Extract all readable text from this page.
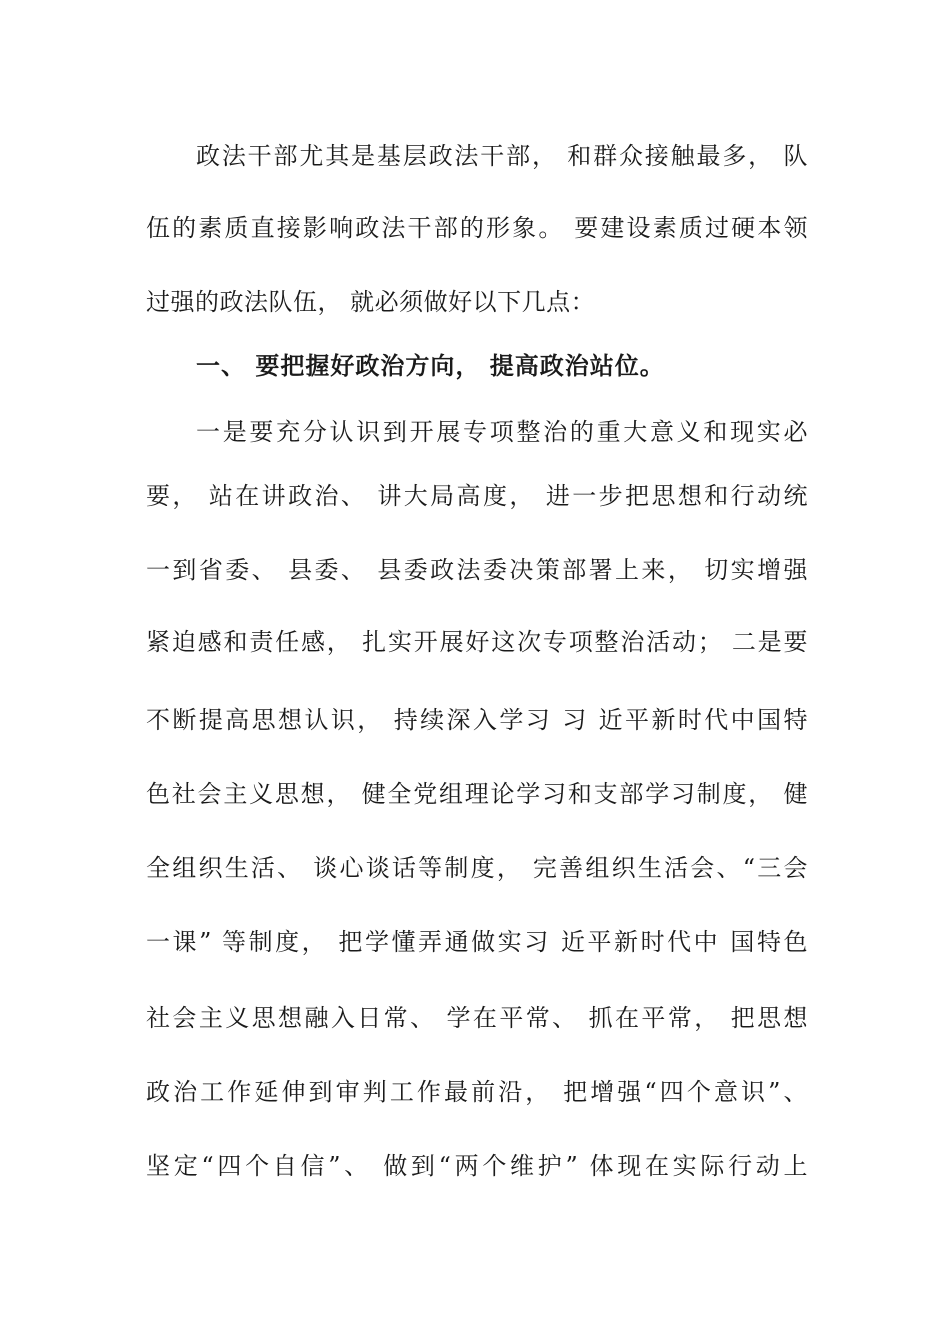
政法干部尤其是基层政法干部， 和群众接触最多， 队
伍的素质直接影响政法干部的形象。 要建设素质过硬本领
过强的政法队伍， 就必须做好以下几点：
一、 要把握好政治方向， 提高政治站位。
一是要充分认识到开展专项整治的重大意义和现实必
要， 站在讲政治、 讲大局高度， 进一步把思想和行动统
一到省委、 县委、 县委政法委决策部署上来， 切实增强
紧迫感和责任感， 扎实开展好这次专项整治活动； 二是要
不断提高思想认识， 持续深入学习 习 近平新时代中国特
色社会主义思想， 健全党组理论学习和支部学习制度， 健
全组织生活、 谈心谈话等制度， 完善组织生活会、“三会
一课” 等制度， 把学懂弄通做实习 近平新时代中 国特色
社会主义思想融入日常、 学在平常、 抓在平常， 把思想
政治工作延伸到审判工作最前沿， 把增强“四个意识”、
坚定“四个自信”、 做到“两个维护” 体现在实际行动上
